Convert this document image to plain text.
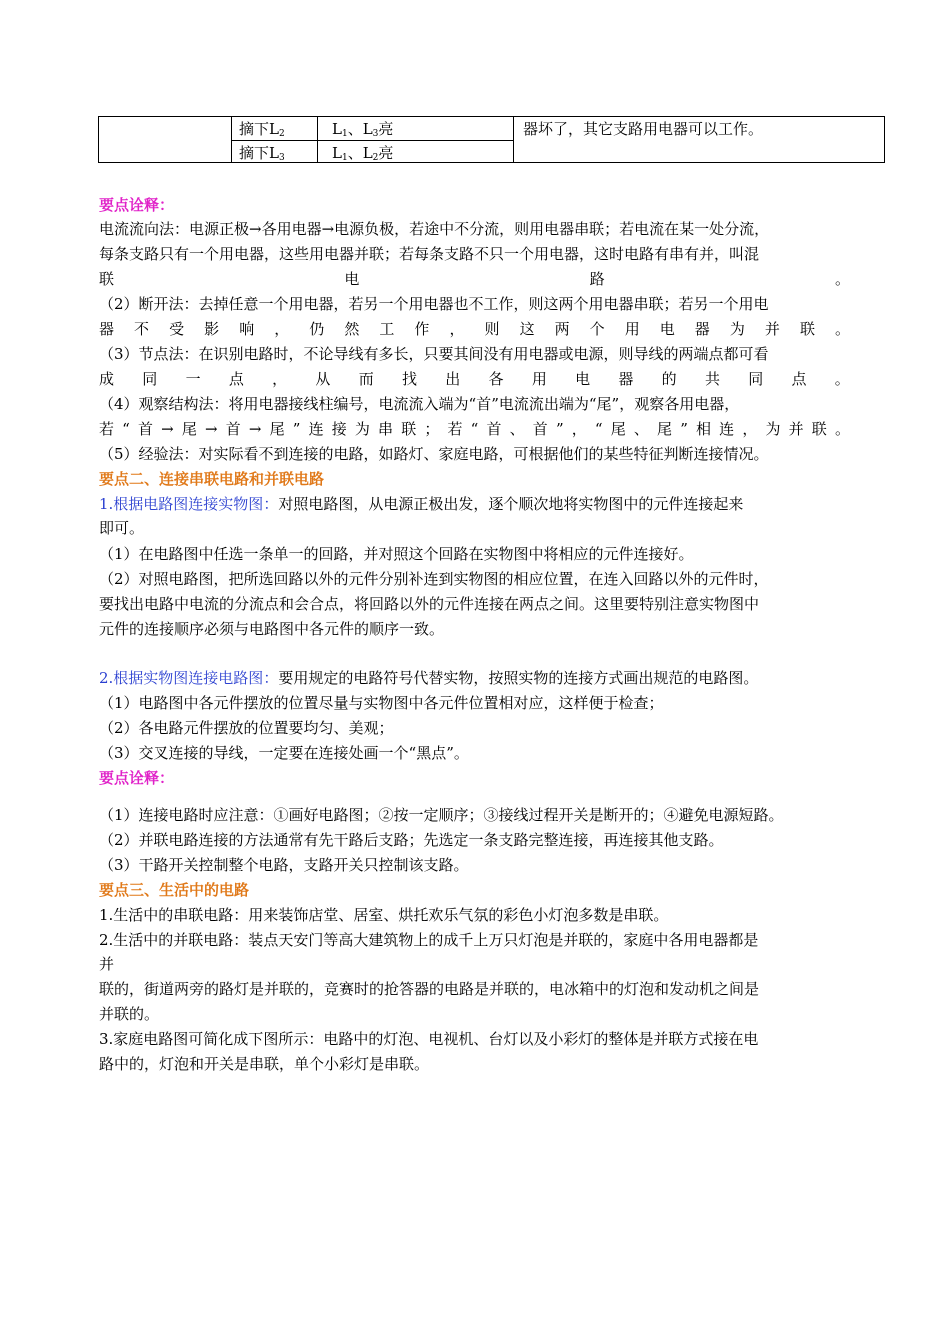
摘下$L_2$	$L_1$、$L_3$亮
摘下$L_3$	$L_1$、$L_2$亮
器坏了，其它支路用电器可以工作。
要点诠释：
电流流向法：电源正极→各用电器→电源负极，若途中不分流，则用电器串联；若电流在某一处分流，
每条支路只有一个用电器，这些用电器并联；若每条支路不只一个用电器，这时电路有串有并，叫混
联	电	路	。
（2）断开法：去掉任意一个用电器，若另一个用电器也不工作，则这两个用电器串联；若另一个用电
器 不 受 影 响 ， 仍 然 工 作 ， 则 这 两 个 用 电 器 为 并 联 。
（3）节点法：在识别电路时，不论导线有多长，只要其间没有用电器或电源，则导线的两端点都可看
成 同 一 点 ， 从 而 找 出 各 用 电 器 的 共 同 点 。
（4）观察结构法：将用电器接线柱编号，电流流入端为“首”电流流出端为“尾”，观察各用电器，
若 “ 首 → 尾 → 首 → 尾 ” 连 接 为 串 联 ； 若 “ 首 、 首 ” ， “ 尾 、 尾 ” 相 连 ， 为 并 联 。
（5）经验法：对实际看不到连接的电路，如路灯、家庭电路，可根据他们的某些特征判断连接情况。
要点二、连接串联电路和并联电路
1.根据电路图连接实物图：对照电路图，从电源正极出发，逐个顺次地将实物图中的元件连接起来
即可。
（1）在电路图中任选一条单一的回路，并对照这个回路在实物图中将相应的元件连接好。
（2）对照电路图，把所选回路以外的元件分别补连到实物图的相应位置，在连入回路以外的元件时，
要找出电路中电流的分流点和会合点，将回路以外的元件连接在两点之间。这里要特别注意实物图中
元件的连接顺序必须与电路图中各元件的顺序一致。
2.根据实物图连接电路图：要用规定的电路符号代替实物，按照实物的连接方式画出规范的电路图。
（1）电路图中各元件摆放的位置尽量与实物图中各元件位置相对应，这样便于检查；
（2）各电路元件摆放的位置要均匀、美观；
（3）交叉连接的导线，一定要在连接处画一个“黑点”。
要点诠释：
（1）连接电路时应注意：①画好电路图；②按一定顺序；③接线过程开关是断开的；④避免电源短路。
（2）并联电路连接的方法通常有先干路后支路；先选定一条支路完整连接，再连接其他支路。
（3）干路开关控制整个电路，支路开关只控制该支路。
要点三、生活中的电路
1.生活中的串联电路：用来装饰店堂、居室、烘托欢乐气氛的彩色小灯泡多数是串联。
2.生活中的并联电路：装点天安门等高大建筑物上的成千上万只灯泡是并联的，家庭中各用电器都是
并
联的，街道两旁的路灯是并联的，竞赛时的抢答器的电路是并联的，电冰箱中的灯泡和发动机之间是
并联的。
3.家庭电路图可简化成下图所示：电路中的灯泡、电视机、台灯以及小彩灯的整体是并联方式接在电
路中的，灯泡和开关是串联，单个小彩灯是串联。
